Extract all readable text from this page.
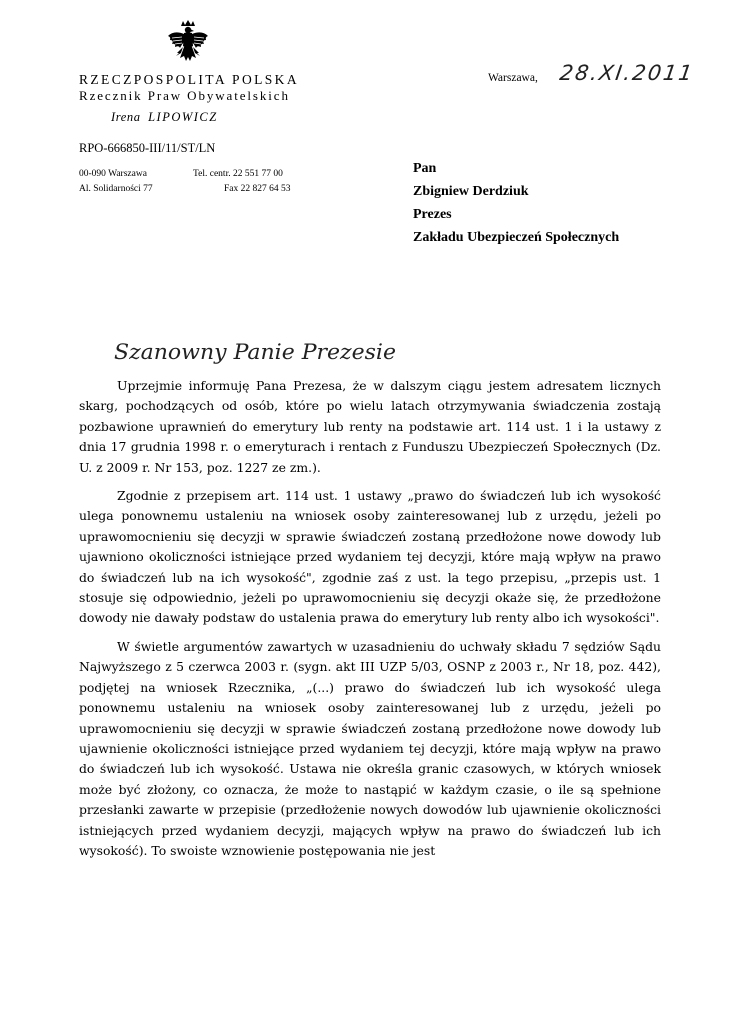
RZECZPOSPOLITA POLSKA
Rzecznik Praw Obywatelskich
Irena LIPOWICZ
RPO-666850-III/11/ST/LN
00-090 Warszawa
Al. Solidarności 77
Tel. centr. 22 551 77 00
Fax 22 827 64 53
Warszawa, 28.XI.2011
Pan
Zbigniew Derdziuk
Prezes
Zakładu Ubezpieczeń Społecznych
Szanowny Panie Prezesie

Uprzejmie informuję Pana Prezesa, że w dalszym ciągu jestem adresatem licznych skarg, pochodzących od osób, które po wielu latach otrzymywania świadczenia zostają pozbawione uprawnień do emerytury lub renty na podstawie art. 114 ust. 1 i la ustawy z dnia 17 grudnia 1998 r. o emeryturach i rentach z Funduszu Ubezpieczeń Społecznych (Dz. U. z 2009 r. Nr 153, poz. 1227 ze zm.).

Zgodnie z przepisem art. 114 ust. 1 ustawy „prawo do świadczeń lub ich wysokość ulega ponownemu ustaleniu na wniosek osoby zainteresowanej lub z urzędu, jeżeli po uprawomocnieniu się decyzji w sprawie świadczeń zostaną przedłożone nowe dowody lub ujawniono okoliczności istniejące przed wydaniem tej decyzji, które mają wpływ na prawo do świadczeń lub na ich wysokość", zgodnie zaś z ust. la tego przepisu, „przepis ust. 1 stosuje się odpowiednio, jeżeli po uprawomocnieniu się decyzji okaże się, że przedłożone dowody nie dawały podstaw do ustalenia prawa do emerytury lub renty albo ich wysokości".

W świetle argumentów zawartych w uzasadnieniu do uchwały składu 7 sędziów Sądu Najwyższego z 5 czerwca 2003 r. (sygn. akt III UZP 5/03, OSNP z 2003 r., Nr 18, poz. 442), podjętej na wniosek Rzecznika, „(...) prawo do świadczeń lub ich wysokość ulega ponownemu ustaleniu na wniosek osoby zainteresowanej lub z urzędu, jeżeli po uprawomocnieniu się decyzji w sprawie świadczeń zostaną przedłożone nowe dowody lub ujawnienie okoliczności istniejące przed wydaniem tej decyzji, które mają wpływ na prawo do świadczeń lub ich wysokość. Ustawa nie określa granic czasowych, w których wniosek może być złożony, co oznacza, że może to nastąpić w każdym czasie, o ile są spełnione przesłanki zawarte w przepisie (przedłożenie nowych dowodów lub ujawnienie okoliczności istniejących przed wydaniem decyzji, mających wpływ na prawo do świadczeń lub ich wysokość). To swoiste wznowienie postępowania nie jest
